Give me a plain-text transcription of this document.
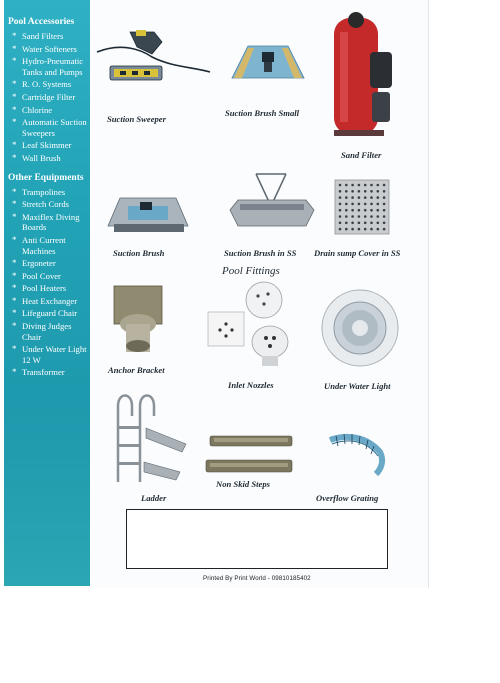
Pool Accessories
* Sand Filters
* Water Softeners
* Hydro-Pneumatic Tanks and Pumps
* R. O. Systems
* Cartridge Filter
* Chlorine
* Automatic Suction Sweepers
* Leaf Skimmer
* Wall Brush
Other Equipments
* Trampolines
* Stretch Cords
* Maxiflex Diving Boards
* Anti Current Machines
* Ergoneter
* Pool Cover
* Pool Heaters
* Heat Exchanger
* Lifeguard Chair
* Diving Judges Chair
* Under Water Light 12 W
* Transformer
Suction Sweeper
Suction Brush Small
Sand Filter
Suction Brush	Suction Brush in SS Drain sump Cover in SS
Pool Fittings
Anchor Bracket
Inlet Nozzles	Under Water Light
Ladder
Non Skid Steps
Overflow Grating
Printed By Print World - 09810185402
